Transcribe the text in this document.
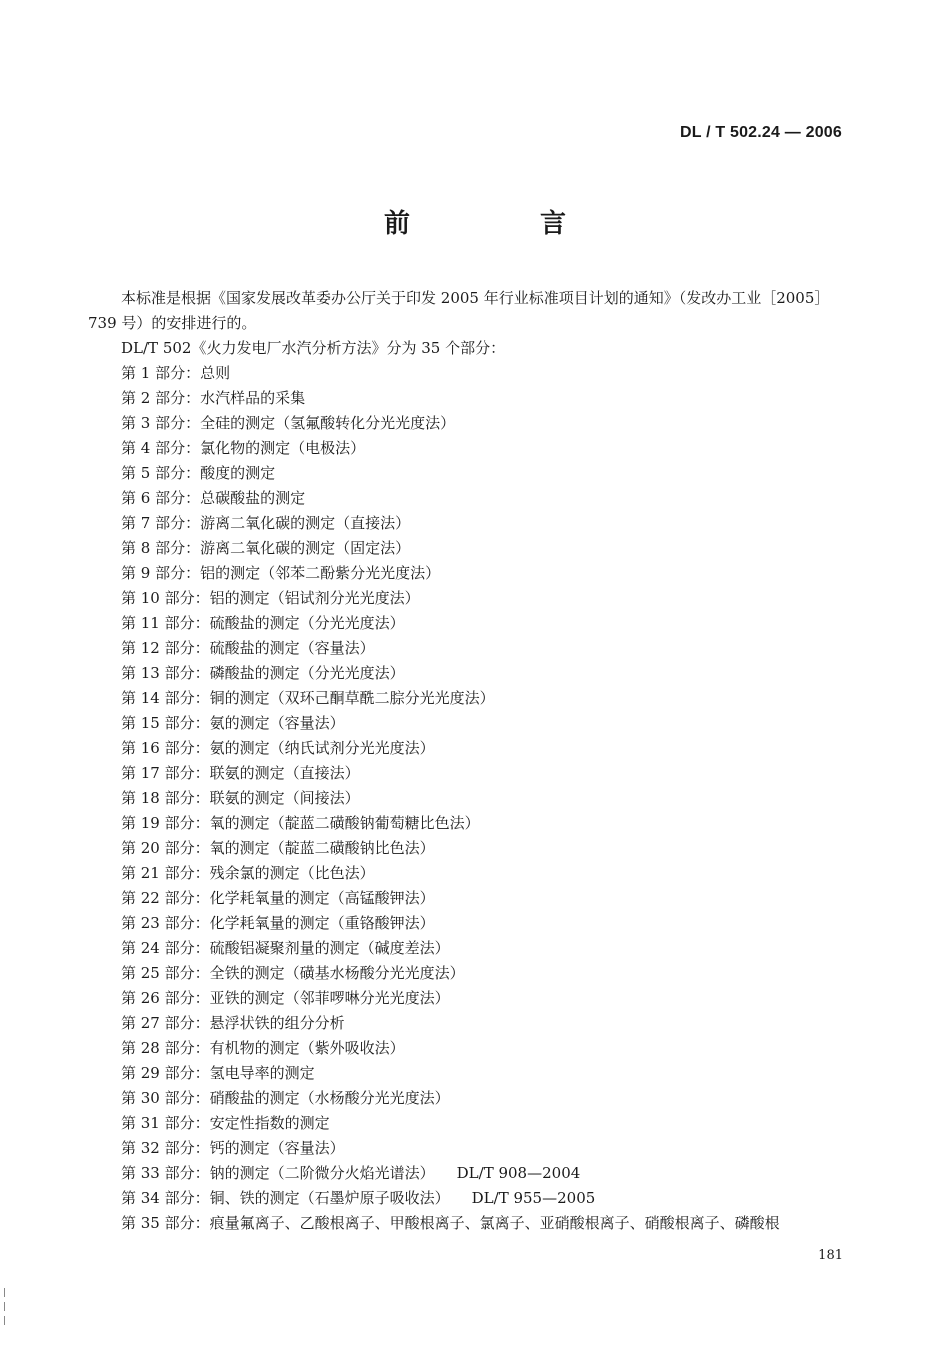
DL / T 502.24 — 2006
前　言

本标准是根据《国家发展改革委办公厅关于印发 2005 年行业标准项目计划的通知》（发改办工业［2005］739 号）的安排进行的。

DL/T 502《火力发电厂水汽分析方法》分为 35 个部分：

第 1 部分 ： 总则
第 2 部分 ： 水汽样品的采集
第 3 部分 ： 全硅的测定（氢氟酸转化分光光度法）
第 4 部分 ： 氯化物的测定（电极法）
第 5 部分 ： 酸度的测定
第 6 部分 ： 总碳酸盐的测定
第 7 部分 ： 游离二氧化碳的测定（直接法）
第 8 部分 ： 游离二氧化碳的测定（固定法）
第 9 部分 ： 铝的测定（邻苯二酚紫分光光度法）
第 10 部分 ： 铝的测定（铝试剂分光光度法）
第 11 部分 ： 硫酸盐的测定（分光光度法）
第 12 部分 ： 硫酸盐的测定（容量法）
第 13 部分 ： 磷酸盐的测定（分光光度法）
第 14 部分 ： 铜的测定（双环己酮草酰二腙分光光度法）
第 15 部分 ： 氨的测定（容量法）
第 16 部分 ： 氨的测定（纳氏试剂分光光度法）
第 17 部分 ： 联氨的测定（直接法）
第 18 部分 ： 联氨的测定（间接法）
第 19 部分 ： 氧的测定（靛蓝二磺酸钠葡萄糖比色法）
第 20 部分 ： 氧的测定（靛蓝二磺酸钠比色法）
第 21 部分 ： 残余氯的测定（比色法）
第 22 部分 ： 化学耗氧量的测定（高锰酸钾法）
第 23 部分 ： 化学耗氧量的测定（重铬酸钾法）
第 24 部分 ： 硫酸铝凝聚剂量的测定（碱度差法）
第 25 部分 ： 全铁的测定（磺基水杨酸分光光度法）
第 26 部分 ： 亚铁的测定（邻菲啰啉分光光度法）
第 27 部分 ： 悬浮状铁的组分分析
第 28 部分 ： 有机物的测定（紫外吸收法）
第 29 部分 ： 氢电导率的测定
第 30 部分 ： 硝酸盐的测定（水杨酸分光光度法）
第 31 部分 ： 安定性指数的测定
第 32 部分 ： 钙的测定（容量法）
第 33 部分 ： 钠的测定（二阶微分火焰光谱法） DL/T 908—2004
第 34 部分 ： 铜、铁的测定（石墨炉原子吸收法） DL/T 955—2005
第 35 部分 ： 痕量氟离子、乙酸根离子、甲酸根离子、氯离子、亚硝酸根离子、硝酸根离子、磷酸根
181
